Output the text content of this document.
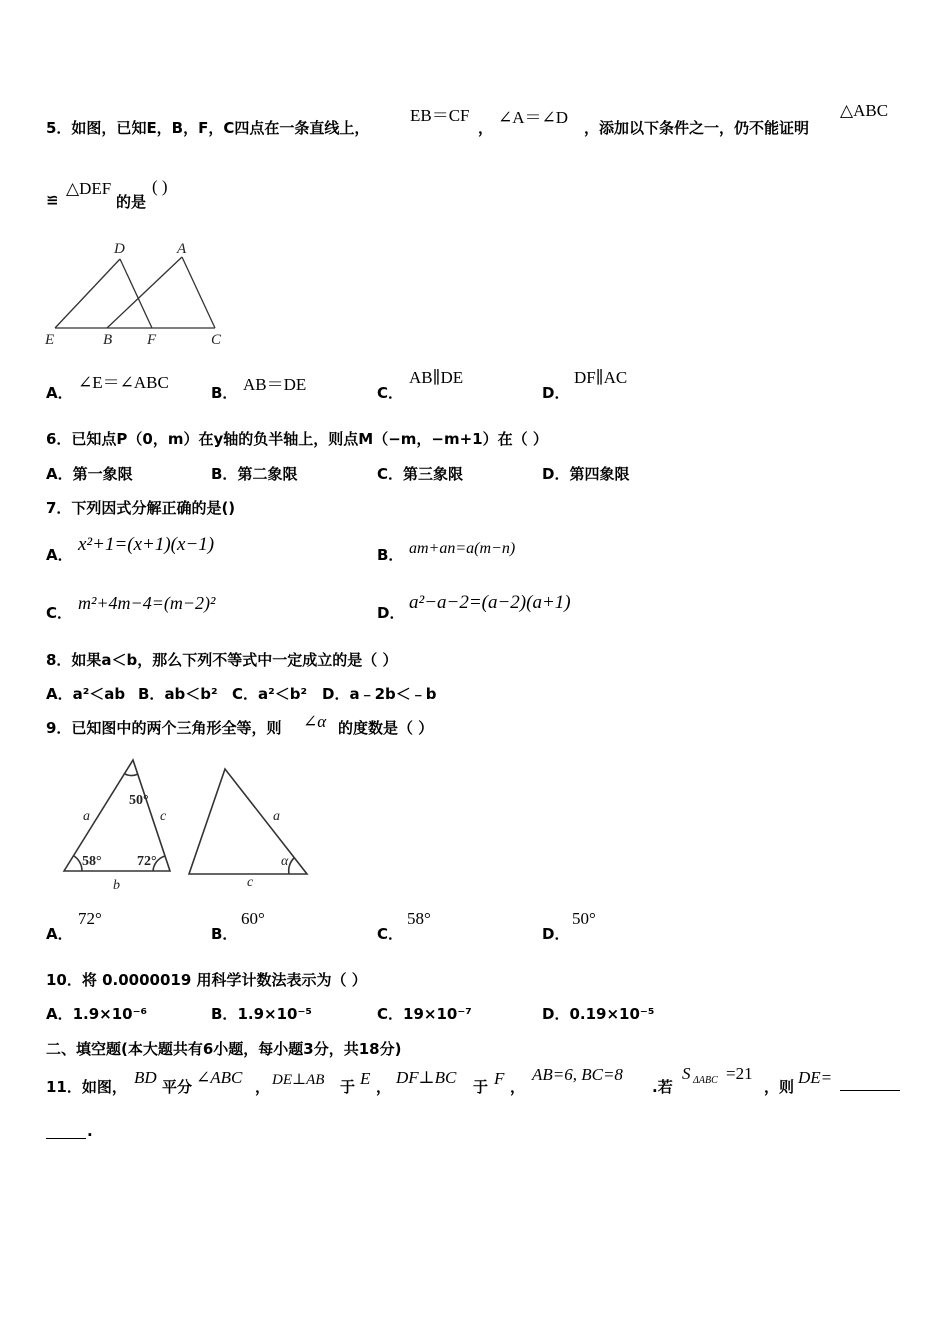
5．如图，已知E，B，F，C四点在一条直线上，
EB＝CF
，
∠A＝∠D
，添加以下条件之一，仍不能证明
△ABC
≌
△DEF
的是
( )
D	A
E	B F	C
A．
∠E＝∠ABC
B． AB＝DE	C．
AB∥DE
D．
DF∥AC
6．已知点P（0，m）在y轴的负半轴上，则点M（−m，−m+1）在（ ）
A．第一象限	B．第二象限	C．第三象限	D．第四象限
7．下列因式分解正确的是()
A． x²+1=(x+1)(x−1)	B． am+an=a(m−n)
C． m²+4m−4=(m−2)²	D． a²−a−2=(a−2)(a+1)
8．如果a＜b，那么下列不等式中一定成立的是（ ）
A．a²＜ab B．ab＜b² C．a²＜b² D．a﹣2b＜﹣b
9．已知图中的两个三角形全等，则 ∠α 的度数是（ ）
50°
58°	72°
a	c
b
a
α
c
A．
72°
B．
60°
C．
58°
D．
50°
10．将 0.0000019 用科学计数法表示为（ ）
A．1.9×10⁻⁶	B．1.9×10⁻⁵	C．19×10⁻⁷	D．0.19×10⁻⁵
二、填空题(本大题共有6小题，每小题3分，共18分)
11．如图， BD 平分 ∠ABC ， DE⊥AB 于 E ， DF⊥BC 于 F ，
AB=6, BC=8
.若
S ΔABC =21
，则 DE=
.
